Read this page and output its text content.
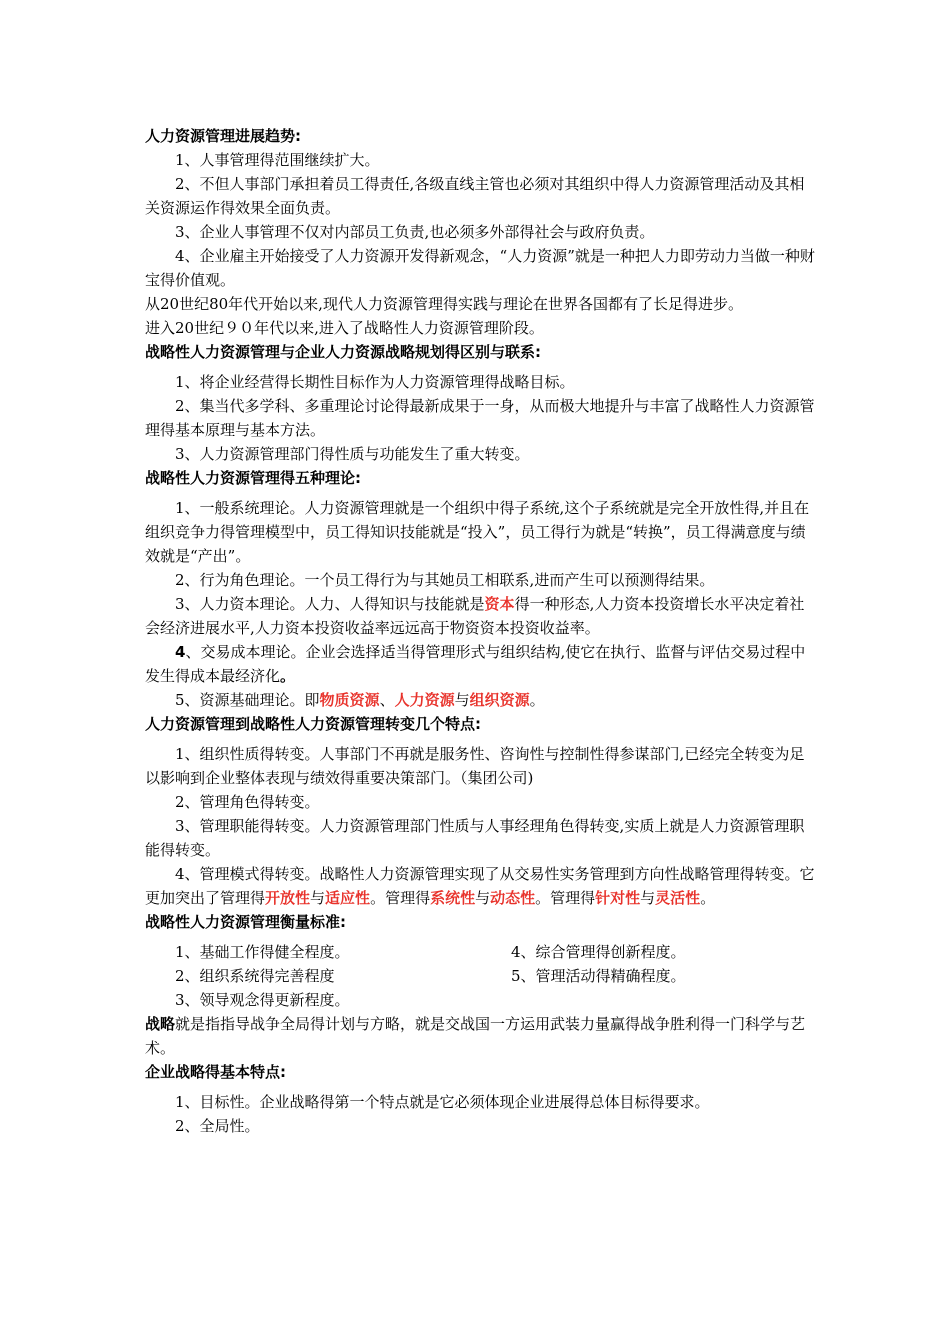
人力资源管理进展趋势:
1、人事管理得范围继续扩大。
2、不但人事部门承担着员工得责任,各级直线主管也必须对其组织中得人力资源管理活动及其相关资源运作得效果全面负责。
3、企业人事管理不仅对内部员工负责,也必须多外部得社会与政府负责。
4、企业雇主开始接受了人力资源开发得新观念，“人力资源”就是一种把人力即劳动力当做一种财宝得价值观。
从20世纪80年代开始以来,现代人力资源管理得实践与理论在世界各国都有了长足得进步。
进入20世纪９０年代以来,进入了战略性人力资源管理阶段。
战略性人力资源管理与企业人力资源战略规划得区别与联系:
1、将企业经营得长期性目标作为人力资源管理得战略目标。
2、集当代多学科、多重理论讨论得最新成果于一身，从而极大地提升与丰富了战略性人力资源管理得基本原理与基本方法。
3、人力资源管理部门得性质与功能发生了重大转变。
战略性人力资源管理得五种理论:
1、一般系统理论。人力资源管理就是一个组织中得子系统,这个子系统就是完全开放性得,并且在组织竞争力得管理模型中，员工得知识技能就是“投入”，员工得行为就是“转换”，员工得满意度与绩效就是“产出”。
2、行为角色理论。一个员工得行为与其她员工相联系,进而产生可以预测得结果。
3、人力资本理论。人力、人得知识与技能就是资本得一种形态,人力资本投资增长水平决定着社会经济进展水平,人力资本投资收益率远远高于物资资本投资收益率。
4、交易成本理论。企业会选择适当得管理形式与组织结构,使它在执行、监督与评估交易过程中发生得成本最经济化。
5、资源基础理论。即物质资源、人力资源与组织资源。
人力资源管理到战略性人力资源管理转变几个特点:
1、组织性质得转变。人事部门不再就是服务性、咨询性与控制性得参谋部门,已经完全转变为足以影响到企业整体表现与绩效得重要决策部门。（集团公司)
2、管理角色得转变。
3、管理职能得转变。人力资源管理部门性质与人事经理角色得转变,实质上就是人力资源管理职能得转变。
4、管理模式得转变。战略性人力资源管理实现了从交易性实务管理到方向性战略管理得转变。它更加突出了管理得开放性与适应性。管理得系统性与动态性。管理得针对性与灵活性。
战略性人力资源管理衡量标准:
1、基础工作得健全程度。
2、组织系统得完善程度
3、领导观念得更新程度。
4、综合管理得创新程度。
5、管理活动得精确程度。
战略就是指指导战争全局得计划与方略，就是交战国一方运用武装力量赢得战争胜利得一门科学与艺术。
企业战略得基本特点:
1、目标性。企业战略得第一个特点就是它必须体现企业进展得总体目标得要求。
2、全局性。
